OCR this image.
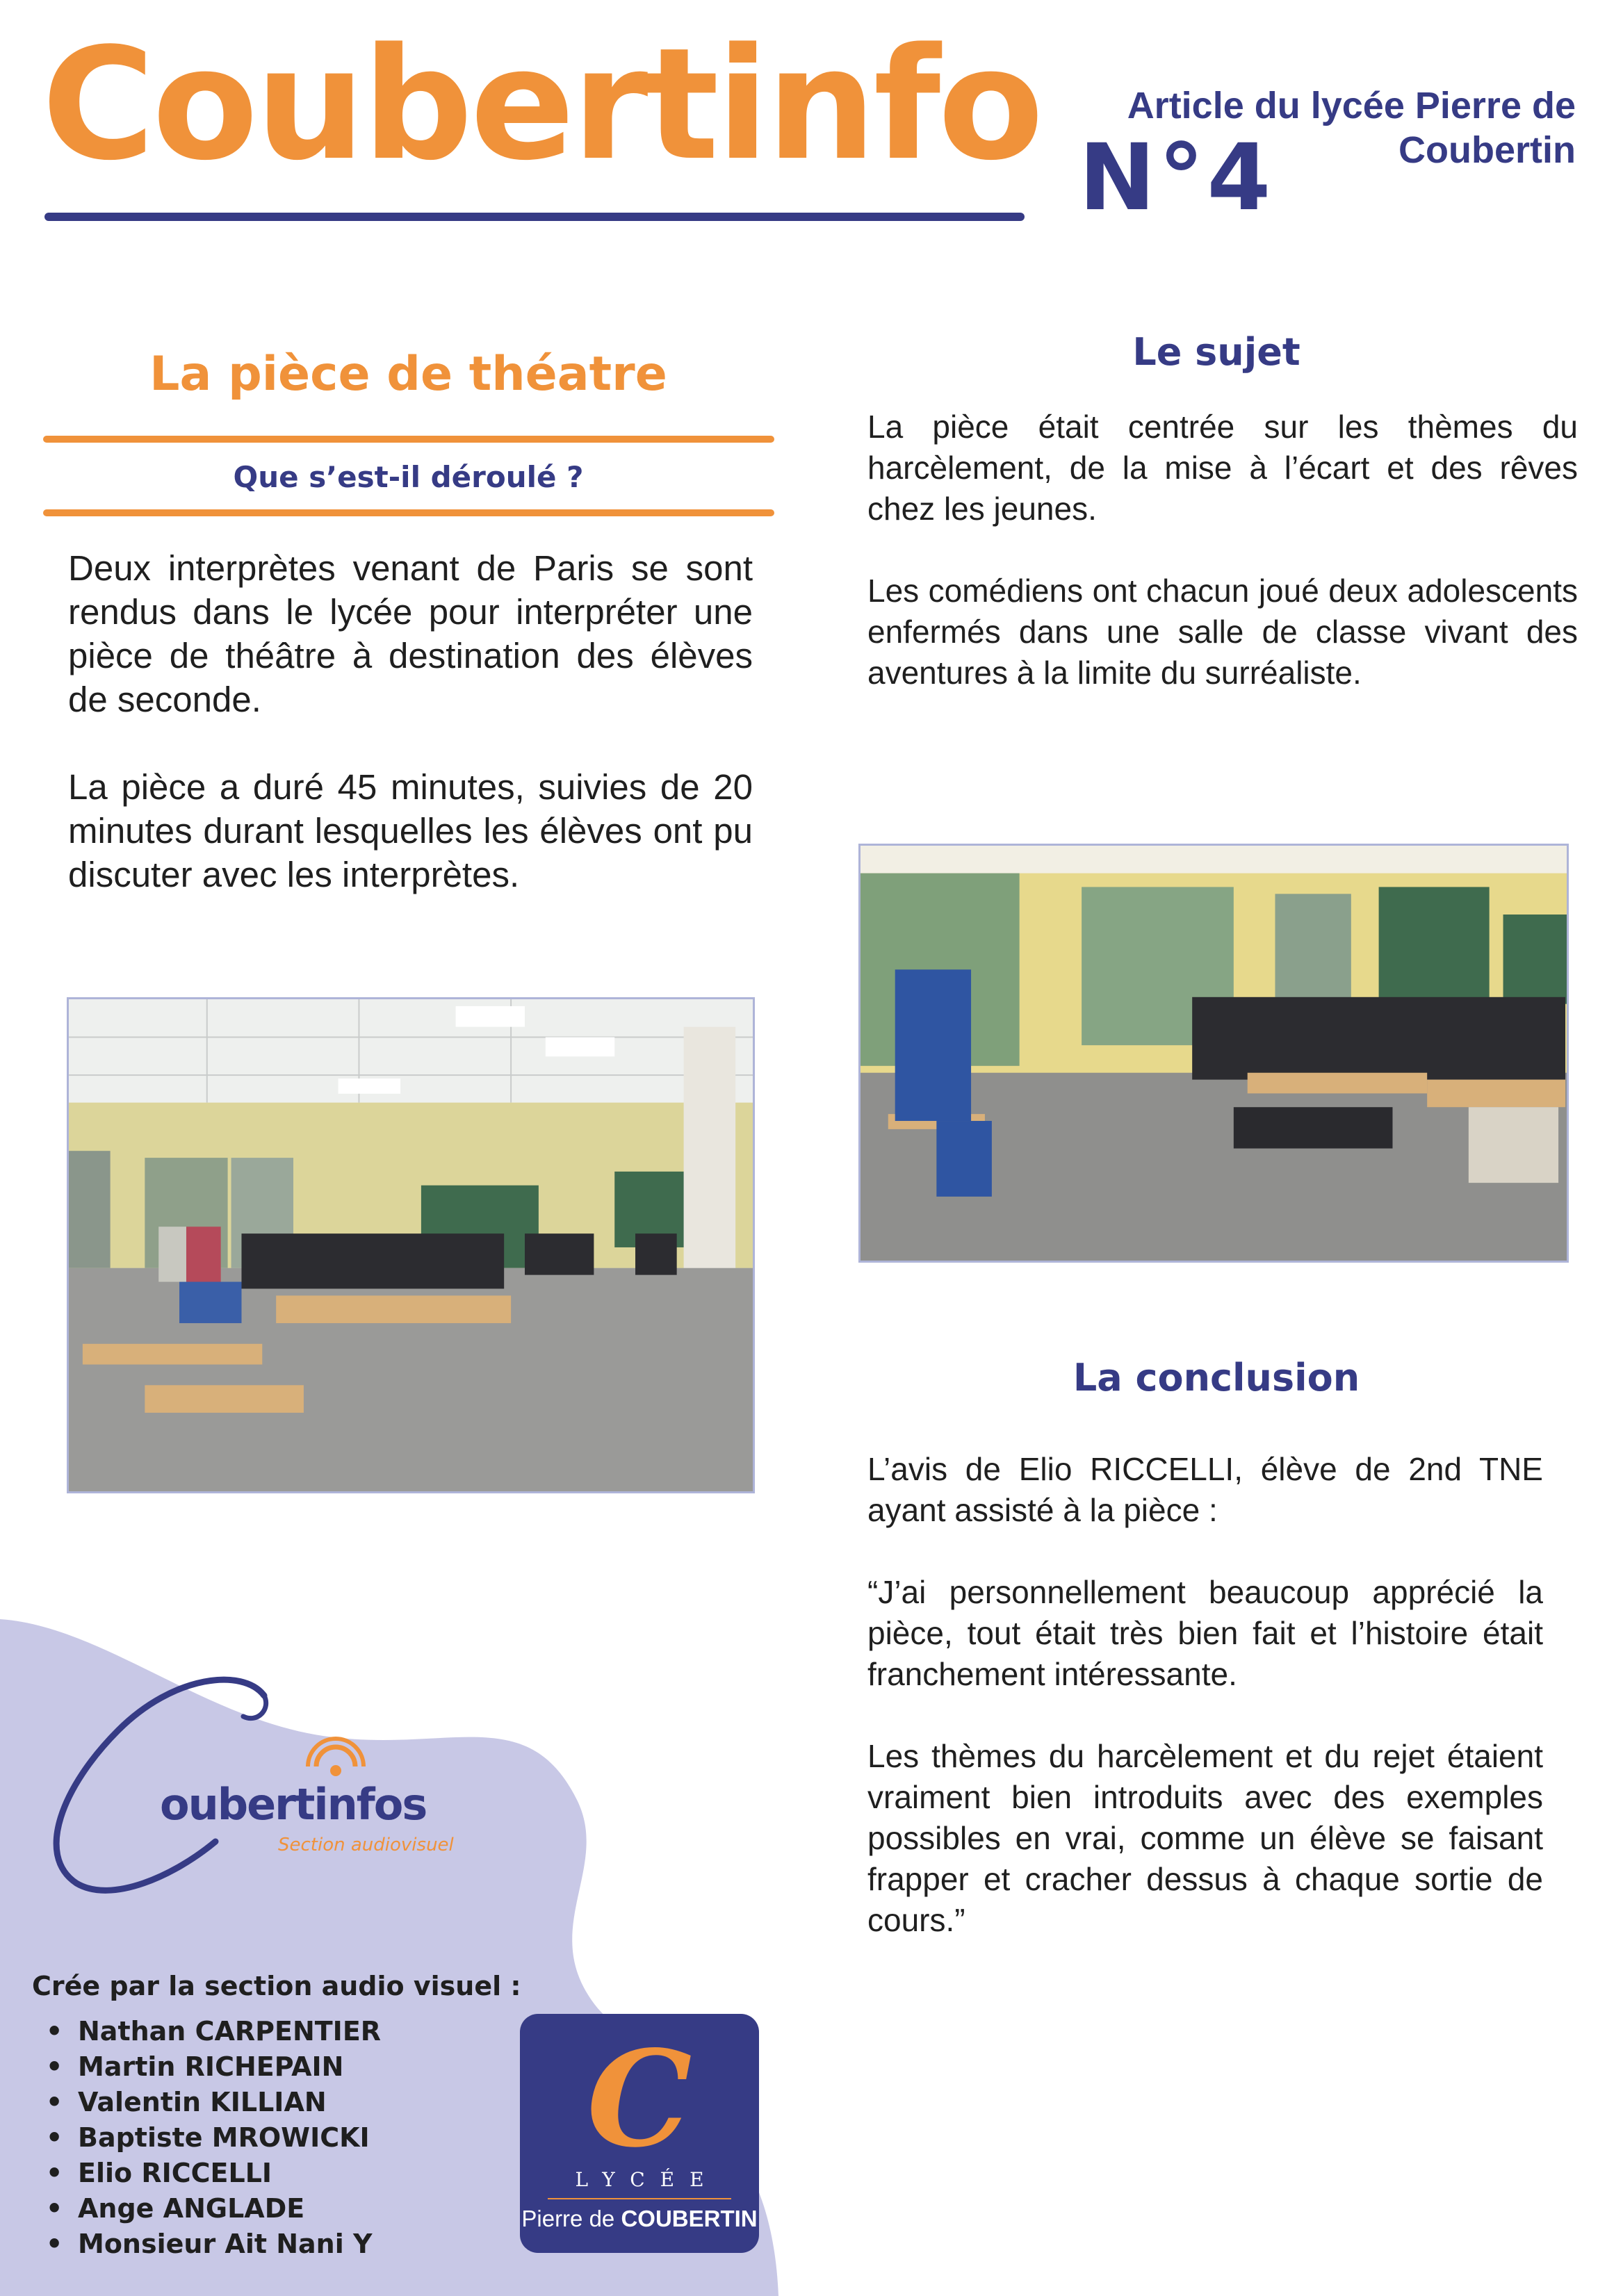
Coubertinfo N°4
Article du lycée Pierre de Coubertin
La pièce de théatre
Que s’est-il déroulé ?

Deux interprètes venant de Paris se sont rendus dans le lycée pour interpréter une pièce de théâtre à destination des élèves de seconde.

La pièce a duré 45 minutes, suivies de 20 minutes durant lesquelles les élèves ont pu discuter avec les interprètes.

Le sujet

La pièce était centrée sur les thèmes du harcèlement, de la mise à l’écart et des rêves chez les jeunes.

Les comédiens ont chacun joué deux adolescents enfermés dans une salle de classe vivant des aventures à la limite du surréaliste.

La conclusion

L’avis de Elio RICCELLI, élève de 2nd TNE ayant assisté à la pièce :

“J’ai personnellement beaucoup apprécié la pièce, tout était très bien fait et l’histoire était franchement intéressante.

Les thèmes du harcèlement et du rejet étaient vraiment bien introduits avec des exemples possibles en vrai, comme un élève se faisant frapper et cracher dessus à chaque sortie de cours.”

oubertinfos
Section audiovisuel
Crée par la section audio visuel :
• Nathan CARPENTIER
• Martin RICHEPAIN
• Valentin KILLIAN
• Baptiste MROWICKI
• Elio RICCELLI
• Ange ANGLADE
• Monsieur Ait Nani Y
C
LYCÉE
Pierre de COUBERTIN
